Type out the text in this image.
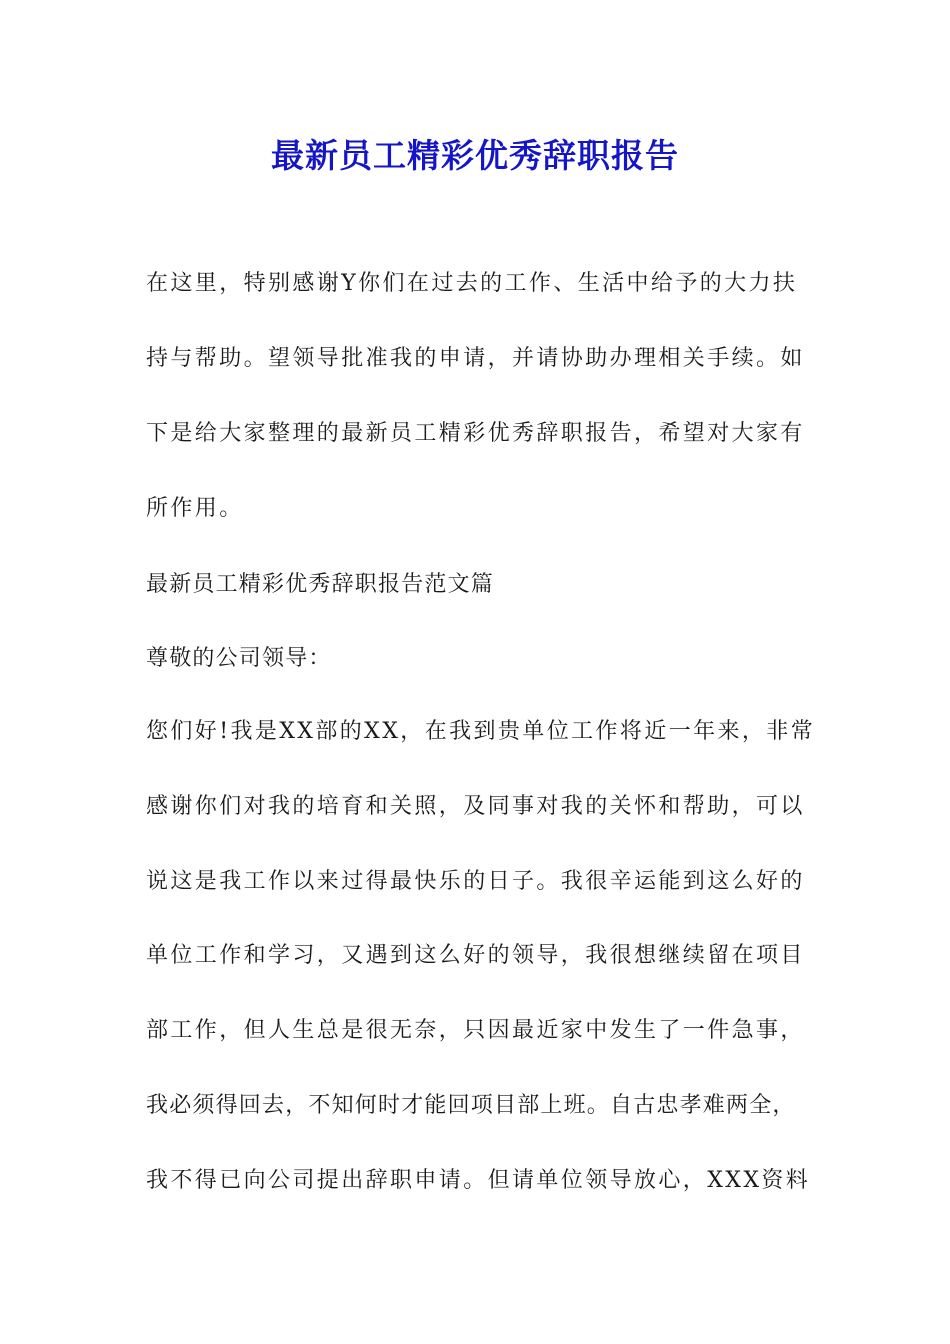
最新员工精彩优秀辞职报告

在这里，特别感谢Y你们在过去的工作、生活中给予的大力扶

持与帮助。望领导批准我的申请，并请协助办理相关手续。如

下是给大家整理的最新员工精彩优秀辞职报告，希望对大家有

所作用。

最新员工精彩优秀辞职报告范文篇

尊敬的公司领导：

您们好!我是XX部的XX，在我到贵单位工作将近一年来，非常

感谢你们对我的培育和关照，及同事对我的关怀和帮助，可以

说这是我工作以来过得最快乐的日子。我很辛运能到这么好的

单位工作和学习，又遇到这么好的领导，我很想继续留在项目

部工作，但人生总是很无奈，只因最近家中发生了一件急事，

我必须得回去，不知何时才能回项目部上班。自古忠孝难两全，

我不得已向公司提出辞职申请。但请单位领导放心，XXX资料
